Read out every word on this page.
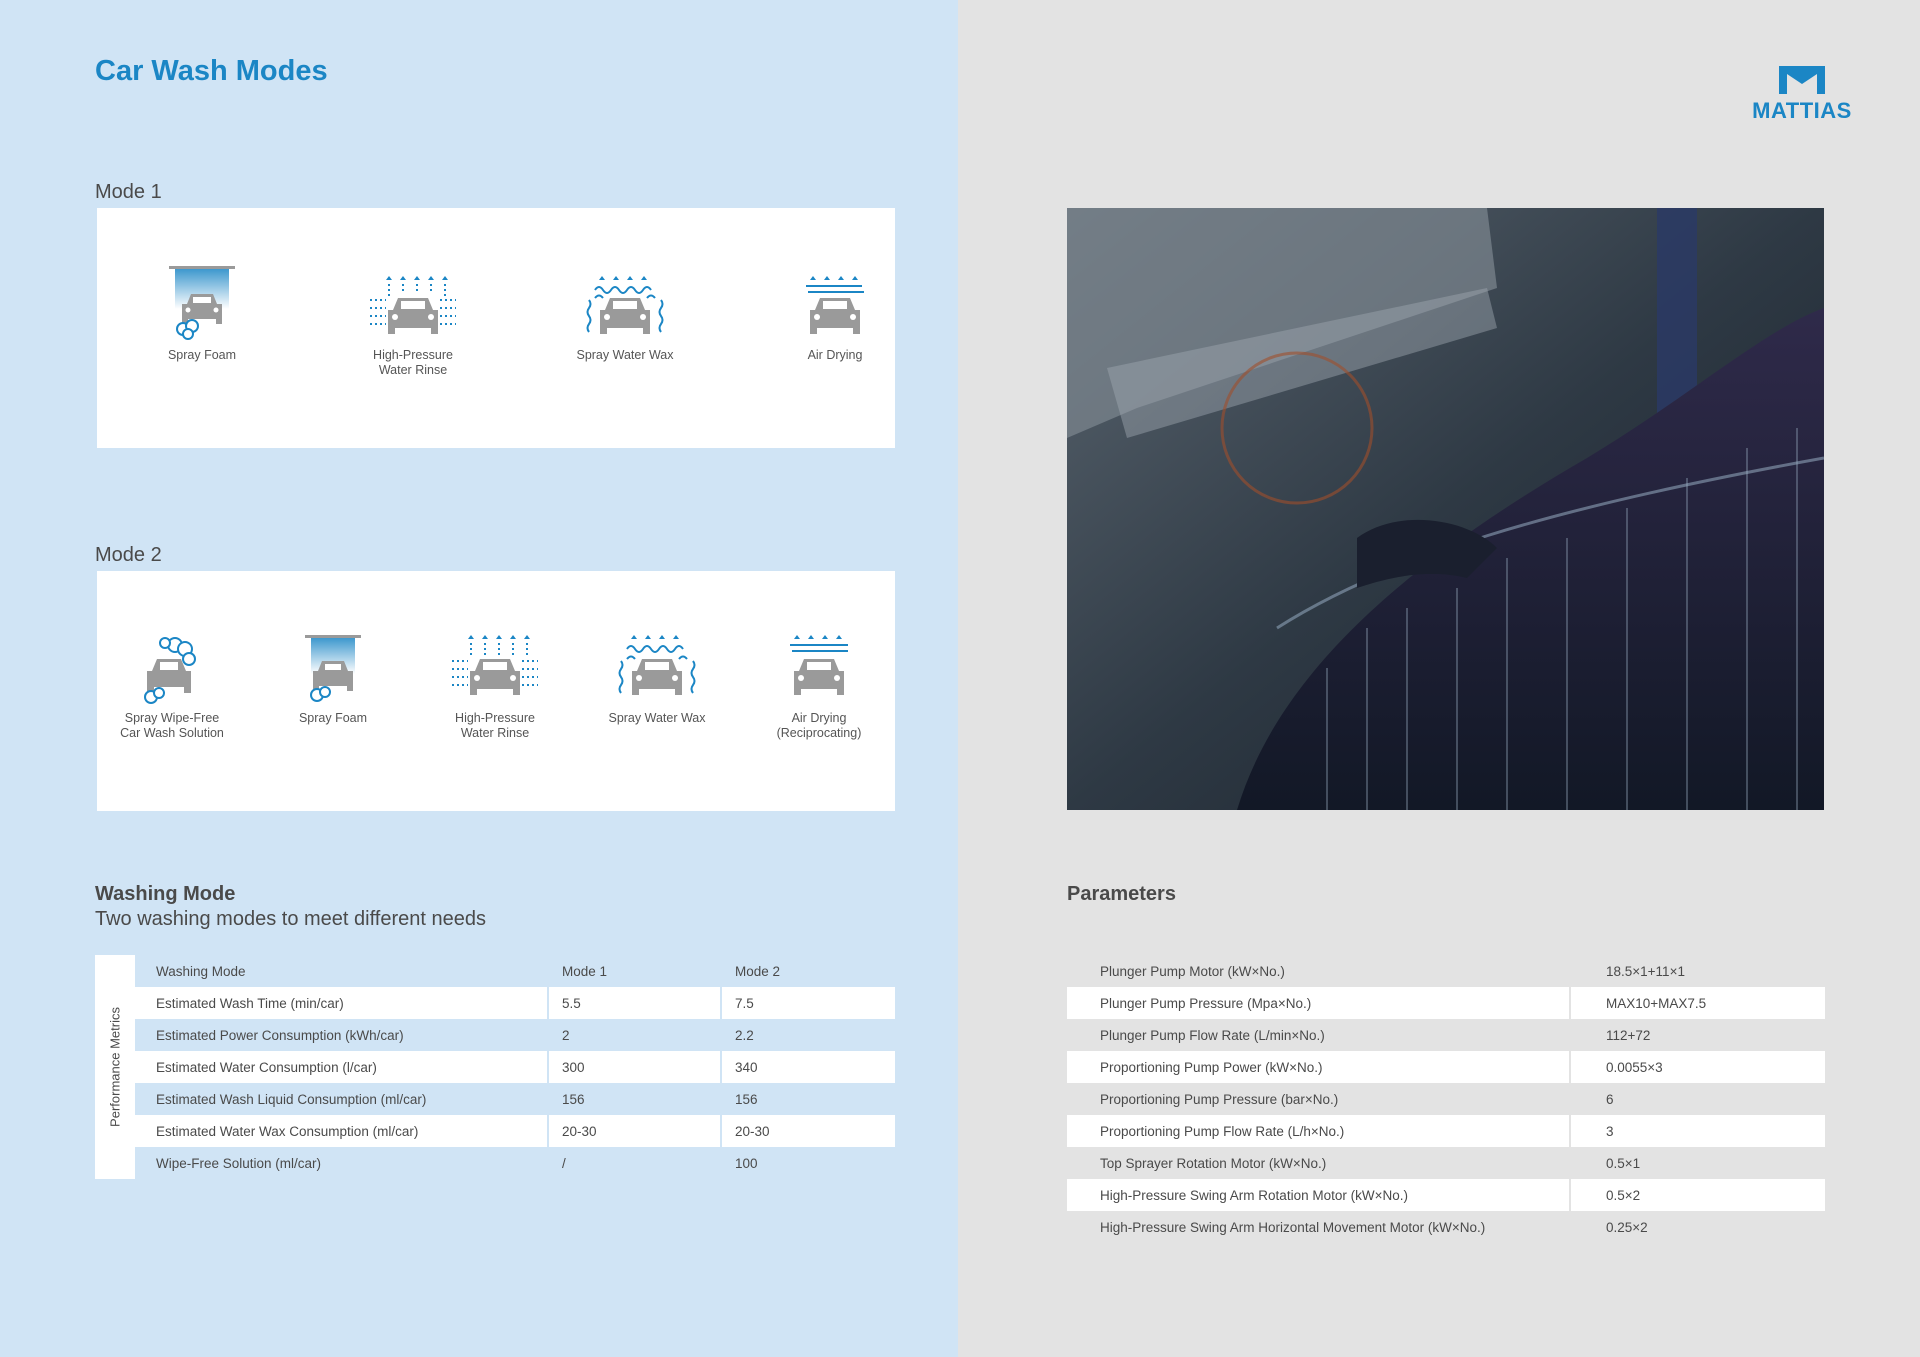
Car Wash Modes
MATTIAS
Mode 1
Spray Foam	High-Pressure
Water Rinse
Spray Water Wax	Air Drying
Mode 2
Spray Wipe-Free
Car Wash Solution
Spray Foam	High-Pressure
Water Rinse
Spray Water Wax	Air Drying
(Reciprocating)
Washing Mode
Two washing modes to meet different needs
Performance Metrics
Washing Mode	Mode 1	Mode 2
Estimated Wash Time (min/car)	5.5	7.5
Estimated Power Consumption (kWh/car)	2	2.2
Estimated Water Consumption (l/car)	300	340
Estimated Wash Liquid Consumption (ml/car)	156	156
Estimated Water Wax Consumption (ml/car)	20-30	20-30
Wipe-Free Solution (ml/car)	/	100
Parameters
Plunger Pump Motor (kW×No.)	18.5×1+11×1
Plunger Pump Pressure (Mpa×No.)	MAX10+MAX7.5
Plunger Pump Flow Rate (L/min×No.)	112+72
Proportioning Pump Power (kW×No.)	0.0055×3
Proportioning Pump Pressure (bar×No.)	6
Proportioning Pump Flow Rate (L/h×No.)	3
Top Sprayer Rotation Motor (kW×No.)	0.5×1
High-Pressure Swing Arm Rotation Motor (kW×No.)	0.5×2
High-Pressure Swing Arm Horizontal Movement Motor (kW×No.)	0.25×2
